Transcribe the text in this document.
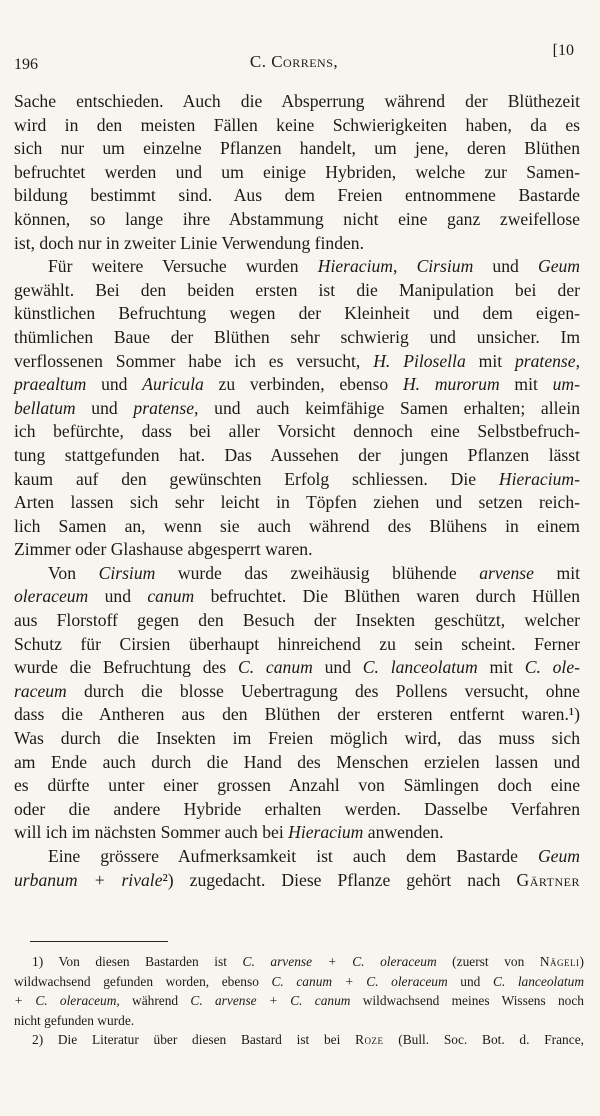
196	C. Correns,
[10
Sache entschieden. Auch die Absperrung während der Blüthezeit
wird in den meisten Fällen keine Schwierigkeiten haben, da es
sich nur um einzelne Pflanzen handelt, um jene, deren Blüthen
befruchtet werden und um einige Hybriden, welche zur Samen-
bildung bestimmt sind. Aus dem Freien entnommene Bastarde
können, so lange ihre Abstammung nicht eine ganz zweifellose
ist, doch nur in zweiter Linie Verwendung finden.
Für weitere Versuche wurden Hieracium, Cirsium und Geum
gewählt. Bei den beiden ersten ist die Manipulation bei der
künstlichen Befruchtung wegen der Kleinheit und dem eigen-
thümlichen Baue der Blüthen sehr schwierig und unsicher. Im
verflossenen Sommer habe ich es versucht, H. Pilosella mit pratense,
praealtum und Auricula zu verbinden, ebenso H. murorum mit um-
bellatum und pratense, und auch keimfähige Samen erhalten; allein
ich befürchte, dass bei aller Vorsicht dennoch eine Selbstbefruch-
tung stattgefunden hat. Das Aussehen der jungen Pflanzen lässt
kaum auf den gewünschten Erfolg schliessen. Die Hieracium-
Arten lassen sich sehr leicht in Töpfen ziehen und setzen reich-
lich Samen an, wenn sie auch während des Blühens in einem
Zimmer oder Glashause abgesperrt waren.
Von Cirsium wurde das zweihäusig blühende arvense mit
oleraceum und canum befruchtet. Die Blüthen waren durch Hüllen
aus Florstoff gegen den Besuch der Insekten geschützt, welcher
Schutz für Cirsien überhaupt hinreichend zu sein scheint. Ferner
wurde die Befruchtung des C. canum und C. lanceolatum mit C. ole-
raceum durch die blosse Uebertragung des Pollens versucht, ohne
dass die Antheren aus den Blüthen der ersteren entfernt waren.¹)
Was durch die Insekten im Freien möglich wird, das muss sich
am Ende auch durch die Hand des Menschen erzielen lassen und
es dürfte unter einer grossen Anzahl von Sämlingen doch eine
oder die andere Hybride erhalten werden. Dasselbe Verfahren
will ich im nächsten Sommer auch bei Hieracium anwenden.
Eine grössere Aufmerksamkeit ist auch dem Bastarde Geum
urbanum + rivale²) zugedacht. Diese Pflanze gehört nach Gärtner
1) Von diesen Bastarden ist C. arvense + C. oleraceum (zuerst von Nägeli)
wildwachsend gefunden worden, ebenso C. canum + C. oleraceum und C. lanceolatum
+ C. oleraceum, während C. arvense + C. canum wildwachsend meines Wissens noch
nicht gefunden wurde.
2) Die Literatur über diesen Bastard ist bei Roze (Bull. Soc. Bot. d. France,
